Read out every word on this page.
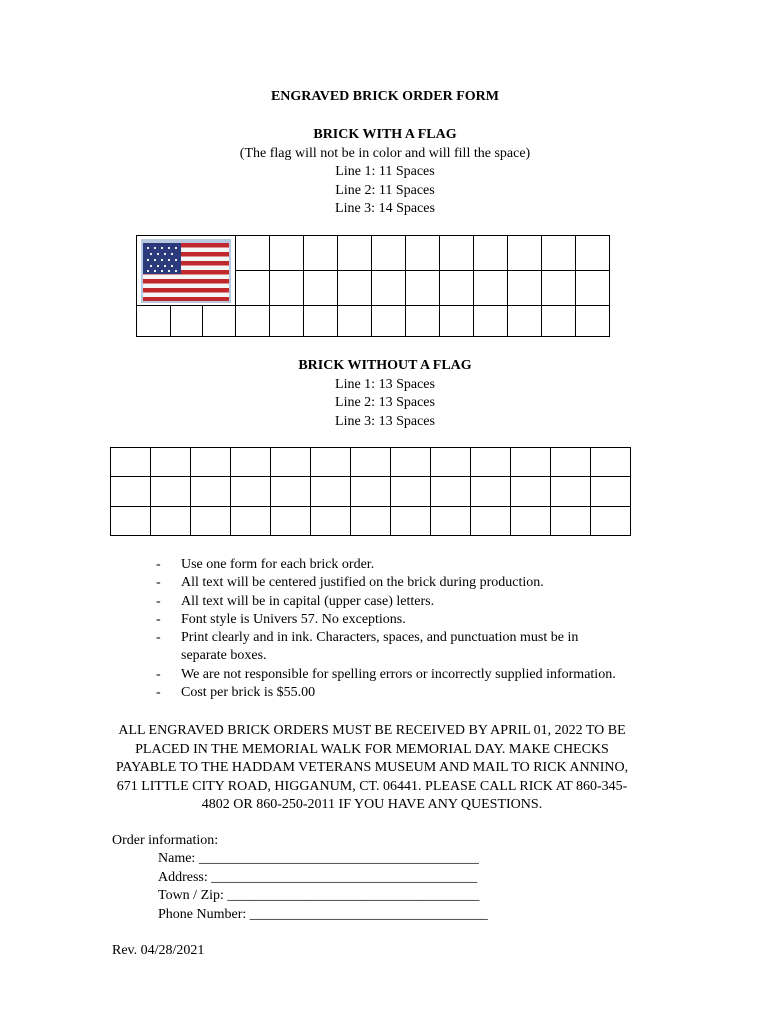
ENGRAVED BRICK ORDER FORM
BRICK WITH A FLAG
(The flag will not be in color and will fill the space)
Line 1: 11 Spaces
Line 2: 11 Spaces
Line 3: 14 Spaces

BRICK WITHOUT A FLAG
Line 1: 13 Spaces
Line 2: 13 Spaces
Line 3: 13 Spaces

- Use one form for each brick order.
- All text will be centered justified on the brick during production.
- All text will be in capital (upper case) letters.
- Font style is Univers 57. No exceptions.
- Print clearly and in ink. Characters, spaces, and punctuation must be in separate boxes.
- We are not responsible for spelling errors or incorrectly supplied information.
- Cost per brick is $55.00
ALL ENGRAVED BRICK ORDERS MUST BE RECEIVED BY APRIL 01, 2022 TO BE PLACED IN THE MEMORIAL WALK FOR MEMORIAL DAY. MAKE CHECKS PAYABLE TO THE HADDAM VETERANS MUSEUM AND MAIL TO RICK ANNINO, 671 LITTLE CITY ROAD, HIGGANUM, CT. 06441. PLEASE CALL RICK AT 860-345-4802 OR 860-250-2011 IF YOU HAVE ANY QUESTIONS.
Order information:
Name: ________________________________________
Address: ______________________________________
Town / Zip: ____________________________________
Phone Number: __________________________________
Rev. 04/28/2021
